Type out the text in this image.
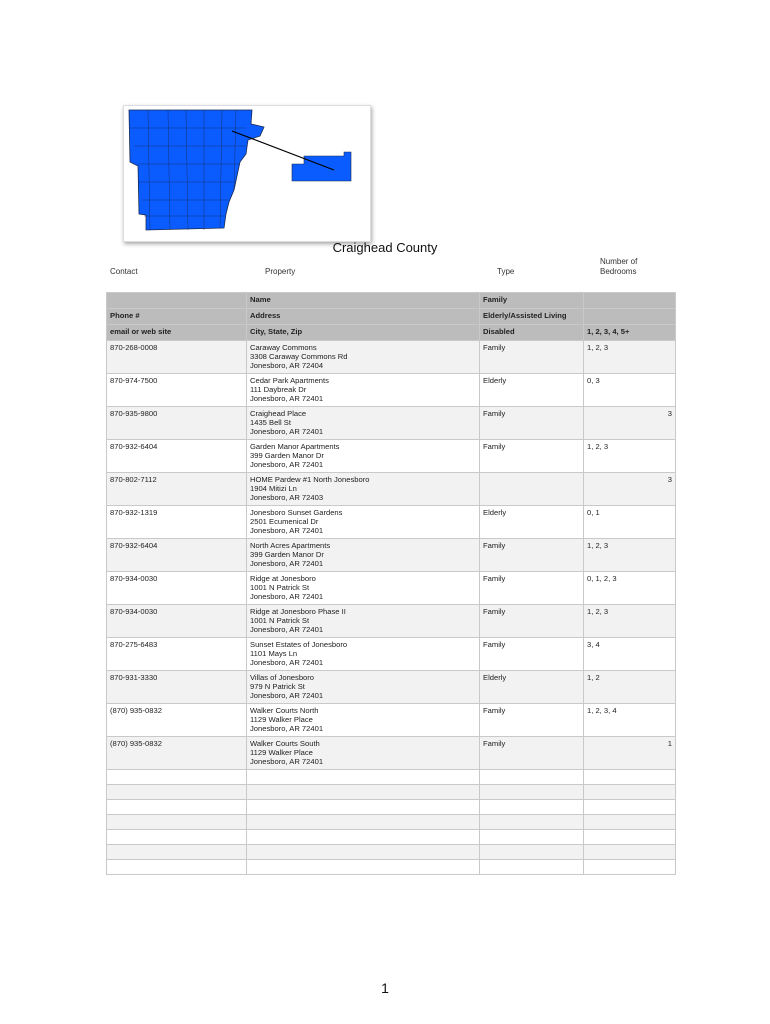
Craighead County
Contact	Property	Type
Number of
Bedrooms
	Name	Family	
Phone #	Address	Elderly/Assisted Living	
email or web site	City, State, Zip	Disabled	1, 2, 3, 4, 5+
870-268-0008	Caraway Commons
3308 Caraway Commons Rd
Jonesboro, AR 72404	Family	1, 2, 3
870-974-7500	Cedar Park Apartments
111 Daybreak Dr
Jonesboro, AR 72401	Elderly	0, 3
870-935-9800	Craighead Place
1435 Bell St
Jonesboro, AR 72401	Family	3
870-932-6404	Garden Manor Apartments
399 Garden Manor Dr
Jonesboro, AR 72401	Family	1, 2, 3
870-802-7112	HOME Pardew #1 North Jonesboro
1904 Mitizi Ln
Jonesboro, AR 72403		3
870-932-1319	Jonesboro Sunset Gardens
2501 Ecumenical Dr
Jonesboro, AR 72401	Elderly	0, 1
870-932-6404	North Acres Apartments
399 Garden Manor Dr
Jonesboro, AR 72401	Family	1, 2, 3
870-934-0030	Ridge at Jonesboro
1001 N Patrick St
Jonesboro, AR 72401	Family	0, 1, 2, 3
870-934-0030	Ridge at Jonesboro Phase II
1001 N Patrick St
Jonesboro, AR 72401	Family	1, 2, 3
870-275-6483	Sunset Estates of Jonesboro
1101 Mays Ln
Jonesboro, AR 72401	Family	3, 4
870-931-3330	Villas of Jonesboro
979 N Patrick St
Jonesboro, AR 72401	Elderly	1, 2
(870) 935-0832	Walker Courts North
1129 Walker Place
Jonesboro, AR 72401	Family	1, 2, 3, 4
(870) 935-0832	Walker Courts South
1129 Walker Place
Jonesboro, AR 72401	Family	1

1
